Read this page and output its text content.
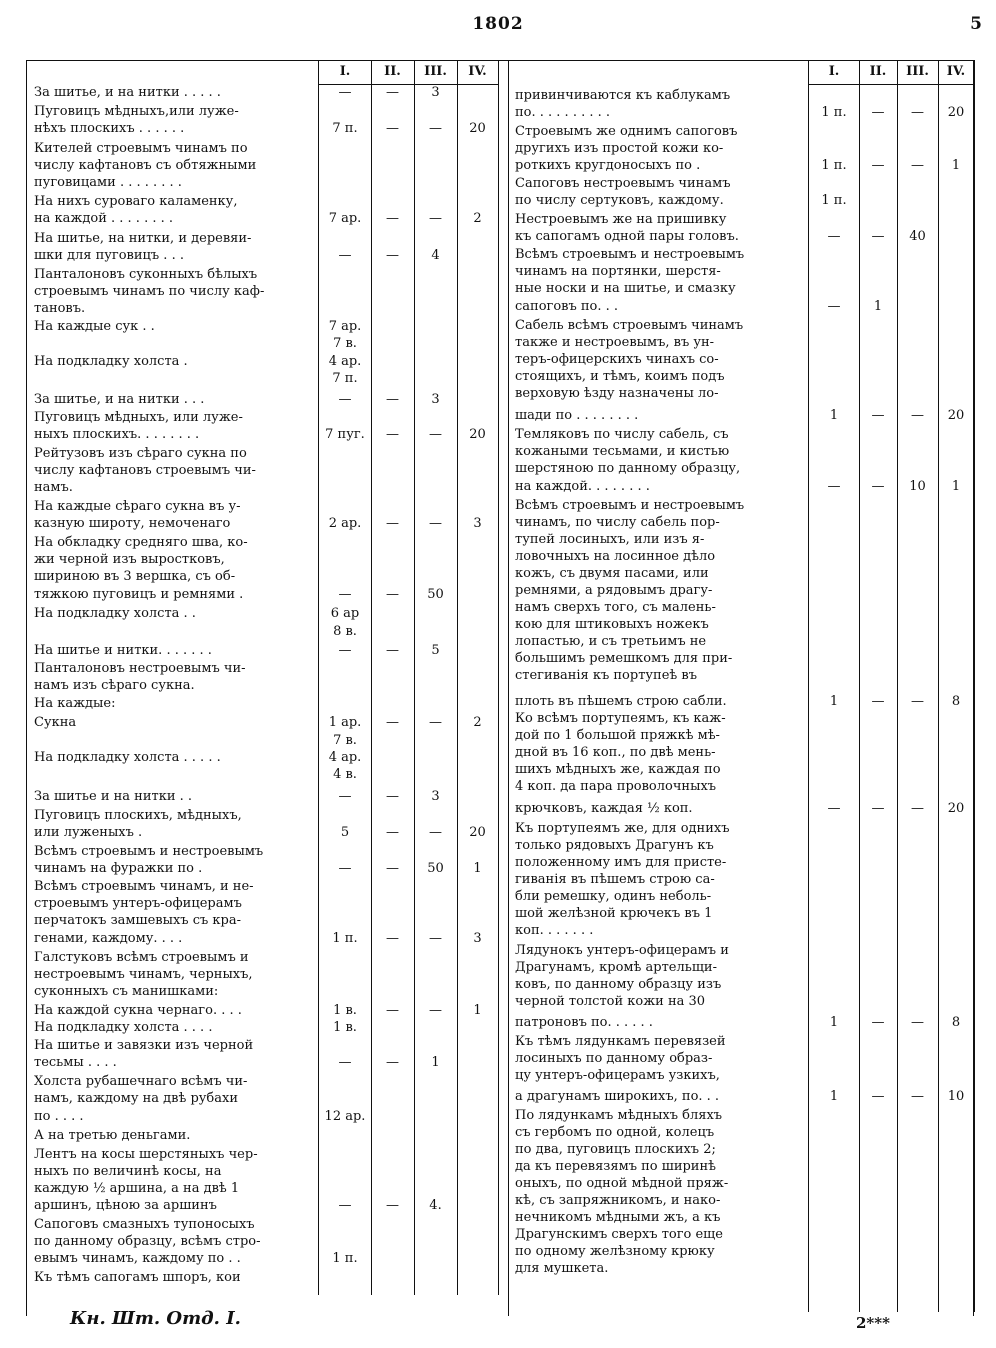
1802	5
I.	II.	III.	IV.
За шитье, и на нитки . . . . .	—	—	3
Пуговицъ мѣдныхъ,или луже-
нѣхъ плоскихъ . . . . . .	7 п.	—	—	20
Кителей строевымъ чинамъ по
числу кафтановъ съ обтяжными
пуговицами . . . . . . . .
На нихъ суроваго каламенку,
на каждой . . . . . . . .	7 ар.	—	—	2
На шитье, на нитки, и деревяи-
шки для пуговицъ . . .	—	—	4
Панталоновъ суконныхъ бѣлыхъ
строевымъ чинамъ по числу каф-
тановъ.
На каждые сук . .	7 ар.
7 в.
На подкладку холста .	4 ар.
7 п.
За шитье, и на нитки . . .	—	—	3
Пуговицъ мѣдныхъ, или луже-
ныхъ плоскихъ. . . . . . . .	7 пуг.	—	—	20
Рейтузовъ изъ сѣраго сукна по
числу кафтановъ строевымъ чи-
намъ.
На каждые сѣраго сукна въ у-
казную широту, немоченаго	2 ар.	—	—	3
На обкладку средняго шва, ко-
жи черной изъ выростковъ,
шириною въ 3 вершка, съ об-
тяжкою пуговицъ и ремнями .	—	—	50
На подкладку холста . .	6 ар
8 в.
На шитье и нитки. . . . . . .	—	—	5
Панталоновъ нестроевымъ чи-
намъ изъ сѣраго сукна.
На каждые:
Сукна	1 ар.	—	—	2
7 в.
На подкладку холста . . . . .	4 ар.
4 в.
За шитье и на нитки . .	—	—	3
Пуговицъ плоскихъ, мѣдныхъ,
или луженыхъ .	5	—	—	20
Всѣмъ строевымъ и нестроевымъ
чинамъ на фуражки по .	—	—	50	1
Всѣмъ строевымъ чинамъ, и не-
строевымъ унтеръ-офицерамъ
перчатокъ замшевыхъ съ кра-
генами, каждому. . . .	1 п.	—	—	3
Галстуковъ всѣмъ строевымъ и
нестроевымъ чинамъ, черныхъ,
суконныхъ съ манишками:
На каждой сукна чернаго. . . .	1 в.	—	—	1
На подкладку холста . . . .	1 в.
На шитье и завязки изъ черной
тесьмы . . . .	—	—	1
Холста рубашечнаго всѣмъ чи-
намъ, каждому на двѣ рубахи
по . . . .	12 ар.
А на третью деньгами.
Лентъ на косы шерстяныхъ чер-
ныхъ по величинѣ косы, на
каждую ½ аршина, а на двѣ 1
аршинъ, цѣною за аршинъ	—	—	4.
Сапоговъ смазныхъ тупоносыхъ
по данному образцу, всѣмъ стро-
евымъ чинамъ, каждому по . .	1 п.
Къ тѣмъ сапогамъ шпоръ, кои
I.	II.	III.	IV.
привинчиваются къ каблукамъ
по. . . . . . . . . .	1 п.	—	—	20
Строевымъ же однимъ сапоговъ
другихъ изъ простой кожи ко-
роткихъ кругдоносыхъ по .	1 п.	—	—	1
Сапоговъ нестроевымъ чинамъ
по числу сертуковъ, каждому.	1 п.
Нестроевымъ же на пришивку
къ сапогамъ одной пары головъ.	—	—	40
Всѣмъ строевымъ и нестроевымъ
чинамъ на портянки, шерстя-
ные носки и на шитье, и смазку
сапоговъ по. . .	—	1
Сабель всѣмъ строевымъ чинамъ
также и нестроевымъ, въ ун-
теръ-офицерскихъ чинахъ со-
стоящихъ, и тѣмъ, коимъ подъ
верховую ѣзду назначены ло-
шади по . . . . . . . .	1	—	—	20
Темляковъ по числу сабель, съ
кожаными тесьмами, и кистью
шерстяною по данному образцу,
на каждой. . . . . . . .	—	—	10	1
Всѣмъ строевымъ и нестроевымъ
чинамъ, по числу сабель пор-
тупей лосиныхъ, или изъ я-
ловочныхъ на лосинное дѣло
кожъ, съ двумя пасами, или
ремнями, а рядовымъ драгу-
намъ сверхъ того, съ малень-
кою для штиковыхъ ножекъ
лопастью, и съ третьимъ не
большимъ ремешкомъ для при-
стегиванія къ портупеѣ въ
плоть въ пѣшемъ строю сабли.	1	—	—	8
Ко всѣмъ портупеямъ, къ каж-
дой по 1 большой пряжкѣ мѣ-
дной въ 16 коп., по двѣ мень-
шихъ мѣдныхъ же, каждая по
4 коп. да пара проволочныхъ
крючковъ, каждая ½ коп.	—	—	—	20
Къ портупеямъ же, для однихъ
только рядовыхъ Драгунъ къ
положенному имъ для присте-
гиванія въ пѣшемъ строю са-
бли ремешку, одинъ неболь-
шой желѣзной крючекъ въ 1
коп. . . . . . .
Лядунокъ унтеръ-офицерамъ и
Драгунамъ, кромѣ артельщи-
ковъ, по данному образцу изъ
черной толстой кожи на 30
патроновъ по. . . . . .	1	—	—	8
Къ тѣмъ лядункамъ перевязей
лосиныхъ по данному образ-
цу унтеръ-офицерамъ узкихъ,
а драгунамъ широкихъ, по. . .	1	—	—	10
По лядункамъ мѣдныхъ бляхъ
съ гербомъ по одной, колецъ
по два, пуговицъ плоскихъ 2;
да къ перевязямъ по ширинѣ
оныхъ, по одной мѣдной пряж-
кѣ, съ запряжникомъ, и нако-
нечникомъ мѣдными жъ, а къ
Драгунскимъ сверхъ того еще
по одному желѣзному крюку
для мушкета.
Кн. Шт. Отд. I.	2***
